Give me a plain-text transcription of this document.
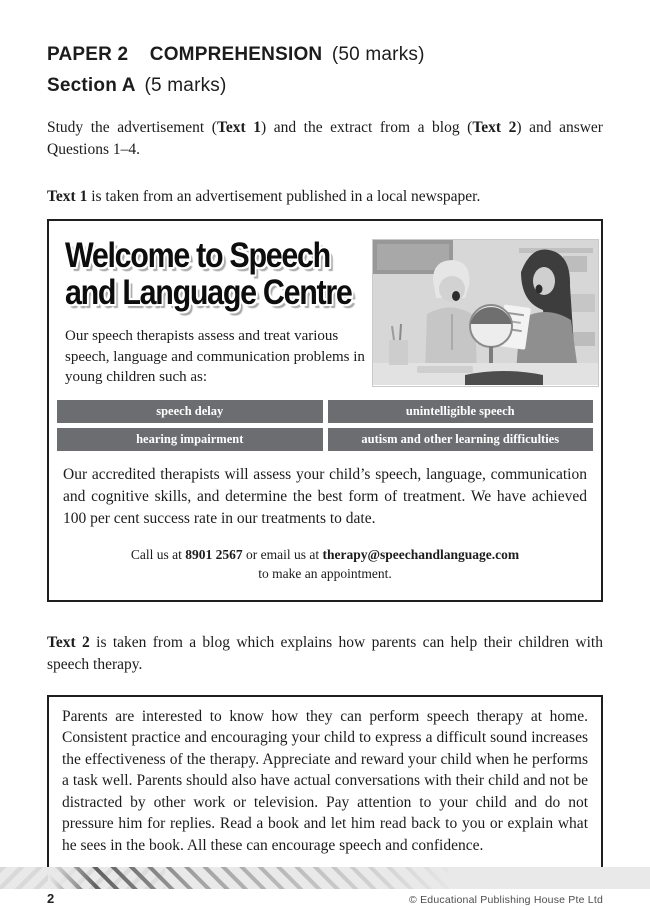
PAPER 2 COMPREHENSION (50 marks)
Section A (5 marks)

Study the advertisement (Text 1) and the extract from a blog (Text 2) and answer Questions 1–4.

Text 1 is taken from an advertisement published in a local newspaper.

Welcome to Speech
and Language Centre

Our speech therapists assess and treat various speech, language and communication problems in young children such as:

speech delay	unintelligible speech
hearing impairment	autism and other learning difficulties

Our accredited therapists will assess your child’s speech, language, communication and cognitive skills, and determine the best form of treatment. We have achieved 100 per cent success rate in our treatments to date.

Call us at 8901 2567 or email us at therapy@speechandlanguage.com
to make an appointment.

Text 2 is taken from a blog which explains how parents can help their children with speech therapy.

Parents are interested to know how they can perform speech therapy at home. Consistent practice and encouraging your child to express a difficult sound increases the effectiveness of the therapy. Appreciate and reward your child when he performs a task well. Parents should also have actual conversations with their child and not be distracted by other work or television. Pay attention to your child and do not pressure him for replies. Read a book and let him read back to you or explain what he sees in the book. All these can encourage speech and confidence.

2	© Educational Publishing House Pte Ltd
